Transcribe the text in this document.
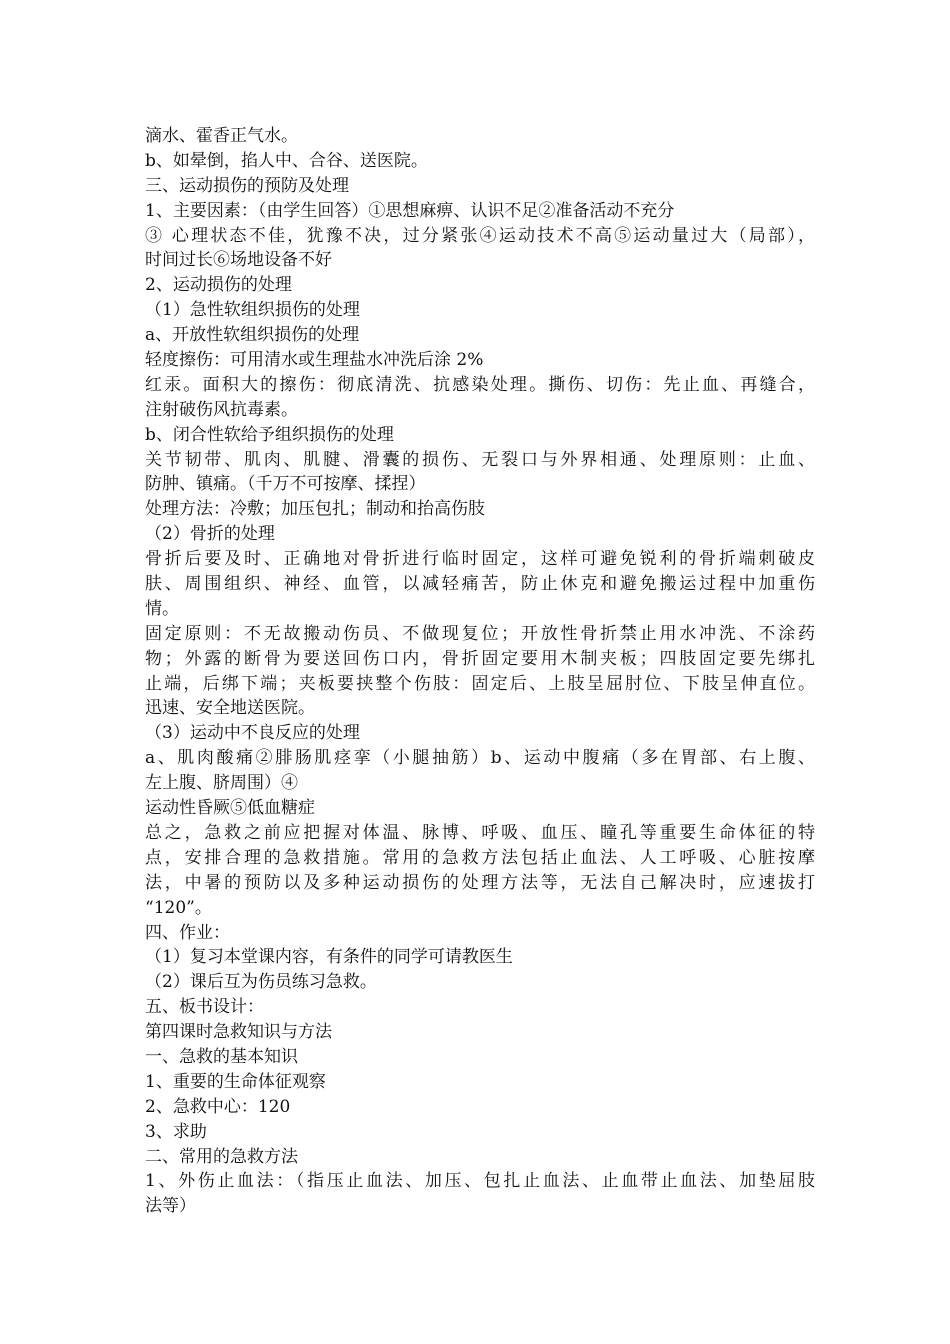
滴水、霍香正气水。
b、如晕倒，掐人中、合谷、送医院。
三、运动损伤的预防及处理
1、主要因素：（由学生回答）①思想麻痹、认识不足②准备活动不充分
③ 心理状态不佳，犹豫不决，过分紧张④运动技术不高⑤运动量过大（局部），
时间过长⑥场地设备不好
2、运动损伤的处理
（1）急性软组织损伤的处理
a、开放性软组织损伤的处理
轻度擦伤：可用清水或生理盐水冲洗后涂 2%
红汞。面积大的擦伤：彻底清洗、抗感染处理。撕伤、切伤：先止血、再缝合，
注射破伤风抗毒素。
b、闭合性软给予组织损伤的处理
关节韧带、肌肉、肌腱、滑囊的损伤、无裂口与外界相通、处理原则：止血、
防肿、镇痛。（千万不可按摩、揉捏）
处理方法：冷敷；加压包扎；制动和抬高伤肢
（2）骨折的处理
骨折后要及时、正确地对骨折进行临时固定，这样可避免锐利的骨折端刺破皮
肤、周围组织、神经、血管，以减轻痛苦，防止休克和避免搬运过程中加重伤
情。
固定原则：不无故搬动伤员、不做现复位；开放性骨折禁止用水冲洗、不涂药
物；外露的断骨为要送回伤口内，骨折固定要用木制夹板；四肢固定要先绑扎
止端，后绑下端；夹板要挟整个伤肢：固定后、上肢呈屈肘位、下肢呈伸直位。
迅速、安全地送医院。
（3）运动中不良反应的处理
a、肌肉酸痛②腓肠肌痉挛（小腿抽筋）b、运动中腹痛（多在胃部、右上腹、
左上腹、脐周围）④
运动性昏厥⑤低血糖症
总之，急救之前应把握对体温、脉博、呼吸、血压、瞳孔等重要生命体征的特
点，安排合理的急救措施。常用的急救方法包括止血法、人工呼吸、心脏按摩
法，中暑的预防以及多种运动损伤的处理方法等，无法自己解决时，应速拔打
“120”。
四、作业：
（1）复习本堂课内容，有条件的同学可请教医生
（2）课后互为伤员练习急救。
五、板书设计：
第四课时急救知识与方法
一、急救的基本知识
1、重要的生命体征观察
2、急救中心：120
3、求助
二、常用的急救方法
1、外伤止血法：（指压止血法、加压、包扎止血法、止血带止血法、加垫屈肢
法等）
